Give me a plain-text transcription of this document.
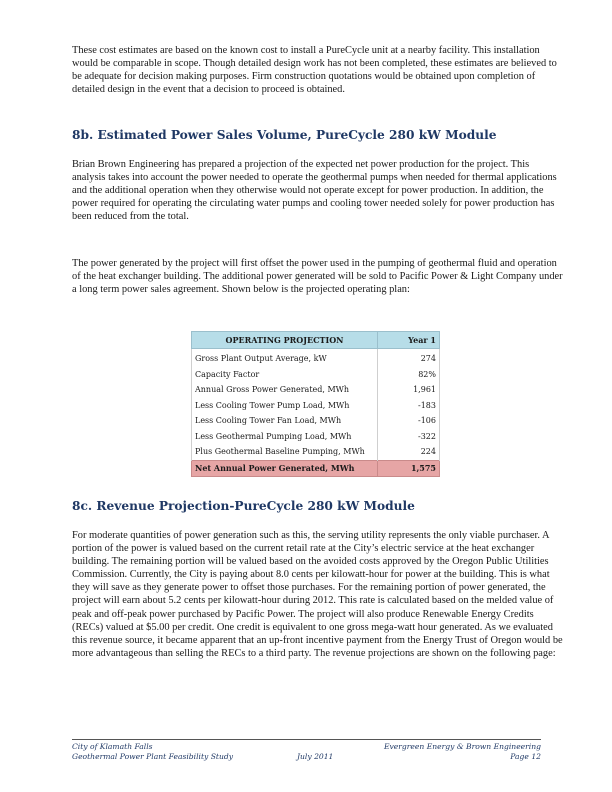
These cost estimates are based on the known cost to install a PureCycle unit at a nearby facility. This installation would be comparable in scope. Though detailed design work has not been completed, these estimates are believed to be adequate for decision making purposes. Firm construction quotations would be obtained upon completion of detailed design in the event that a decision to proceed is obtained.

8b. Estimated Power Sales Volume, PureCycle 280 kW Module

Brian Brown Engineering has prepared a projection of the expected net power production for the project. This analysis takes into account the power needed to operate the geothermal pumps when needed for thermal applications and the additional operation when they otherwise would not operate except for power production. In addition, the power required for operating the circulating water pumps and cooling tower needed solely for power production has been reduced from the total.

The power generated by the project will first offset the power used in the pumping of geothermal fluid and operation of the heat exchanger building. The additional power generated will be sold to Pacific Power & Light Company under a long term power sales agreement. Shown below is the projected operating plan:

OPERATING PROJECTION	Year 1
Gross Plant Output Average, kW	274
Capacity Factor	82%
Annual Gross Power Generated, MWh	1,961
Less Cooling Tower Pump Load, MWh	-183
Less Cooling Tower Fan Load, MWh	-106
Less Geothermal Pumping Load, MWh	-322
Plus Geothermal Baseline Pumping, MWh	224
Net Annual Power Generated, MWh	1,575
8c. Revenue Projection-PureCycle 280 kW Module

For moderate quantities of power generation such as this, the serving utility represents the only viable purchaser. A portion of the power is valued based on the current retail rate at the City’s electric service at the heat exchanger building. The remaining portion will be valued based on the avoided costs approved by the Oregon Public Utilities Commission. Currently, the City is paying about 8.0 cents per kilowatt-hour for power at the building. This is what they will save as they generate power to offset those purchases. For the remaining portion of power generated, the project will earn about 5.2 cents per kilowatt-hour during 2012. This rate is calculated based on the melded value of peak and off-peak power purchased by Pacific Power. The project will also produce Renewable Energy Credits (RECs) valued at $5.00 per credit. One credit is equivalent to one gross mega-watt hour generated. As we evaluated this revenue source, it became apparent that an up-front incentive payment from the Energy Trust of Oregon would be more advantageous than selling the RECs to a third party. The revenue projections are shown on the following page:

City of Klamath Falls
Geothermal Power Plant Feasibility Study	July 2011

Evergreen Energy & Brown Engineering
Page 12
